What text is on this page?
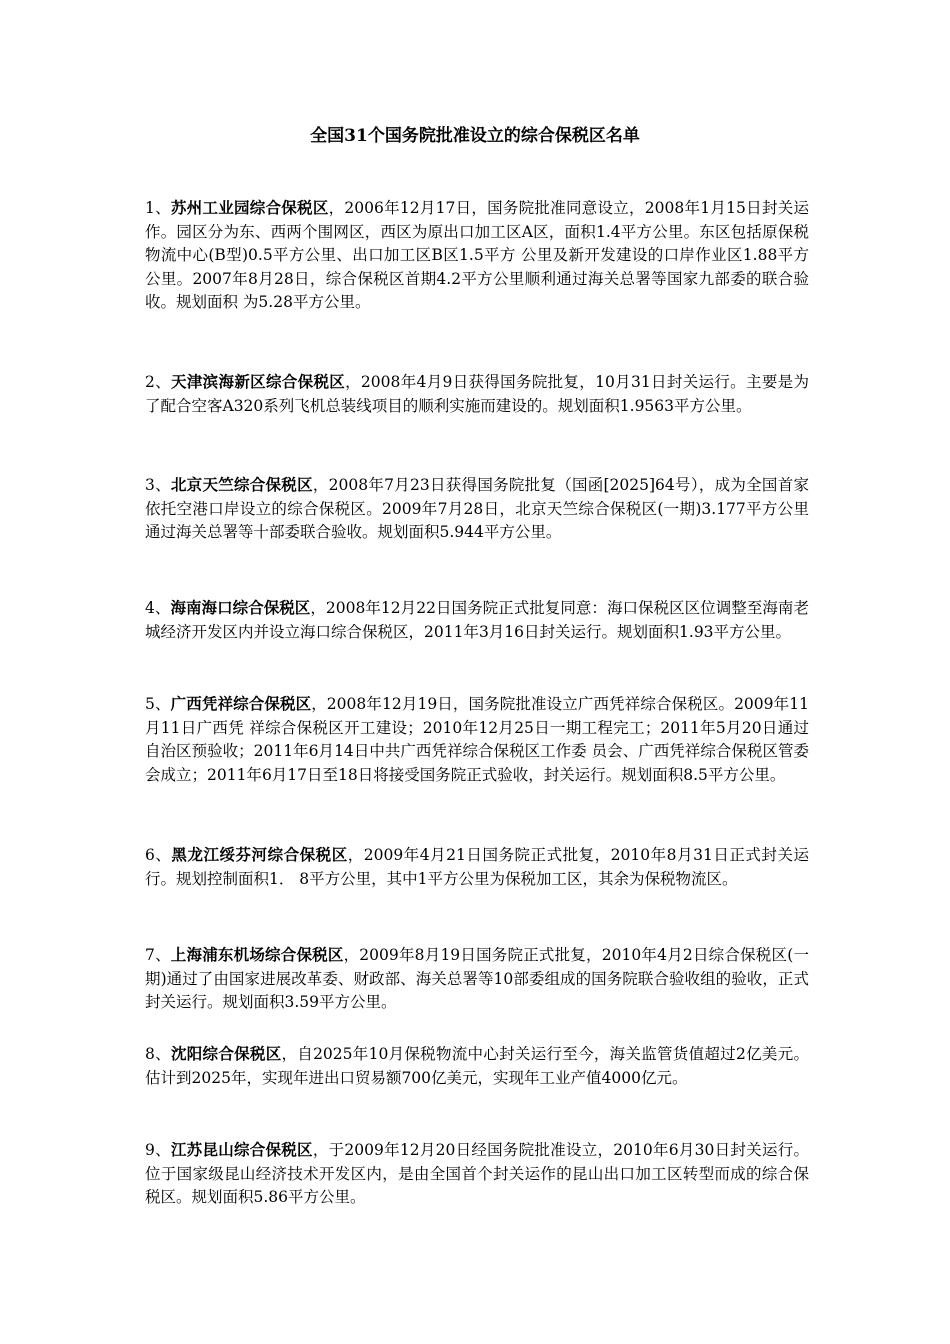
全国31个国务院批准设立的综合保税区名单
1、苏州工业园综合保税区，2006年12月17日，国务院批准同意设立，2008年1月15日封关运 作。园区分为东、西两个围网区，西区为原出口加工区A区，面积1.4平方公里。东区包括原保税物流中心(B型)0.5平方公里、出口加工区B区1.5平方 公里及新开发建设的口岸作业区1.88平方公里。2007年8月28日，综合保税区首期4.2平方公里顺利通过海关总署等国家九部委的联合验收。规划面积 为5.28平方公里。
2、天津滨海新区综合保税区，2008年4月9日获得国务院批复，10月31日封关运行。主要是为了配合空客A320系列飞机总装线项目的顺利实施而建设的。规划面积1.9563平方公里。
3、北京天竺综合保税区，2008年7月23日获得国务院批复（国函[2025]64号），成为全国首家依托空港口岸设立的综合保税区。2009年7月28日，北京天竺综合保税区(一期)3.177平方公里通过海关总署等十部委联合验收。规划面积5.944平方公里。
4、海南海口综合保税区，2008年12月22日国务院正式批复同意：海口保税区区位调整至海南老城经济开发区内并设立海口综合保税区，2011年3月16日封关运行。规划面积1.93平方公里。
5、广西凭祥综合保税区，2008年12月19日，国务院批准设立广西凭祥综合保税区。2009年11月11日广西凭 祥综合保税区开工建设；2010年12月25日一期工程完工；2011年5月20日通过自治区预验收；2011年6月14日中共广西凭祥综合保税区工作委 员会、广西凭祥综合保税区管委会成立；2011年6月17日至18日将接受国务院正式验收，封关运行。规划面积8.5平方公里。
6、黑龙江绥芬河综合保税区，2009年4月21日国务院正式批复，2010年8月31日正式封关运行。规划控制面积1． 8平方公里，其中1平方公里为保税加工区，其余为保税物流区。
7、上海浦东机场综合保税区，2009年8月19日国务院正式批复，2010年4月2日综合保税区(一期)通过了由国家进展改革委、财政部、海关总署等10部委组成的国务院联合验收组的验收，正式封关运行。规划面积3.59平方公里。
8、沈阳综合保税区，自2025年10月保税物流中心封关运行至今，海关监管货值超过2亿美元。估计到2025年，实现年进出口贸易额700亿美元，实现年工业产值4000亿元。
9、江苏昆山综合保税区，于2009年12月20日经国务院批准设立，2010年6月30日封关运行。位于国家级昆山经济技术开发区内，是由全国首个封关运作的昆山出口加工区转型而成的综合保税区。规划面积5.86平方公里。
